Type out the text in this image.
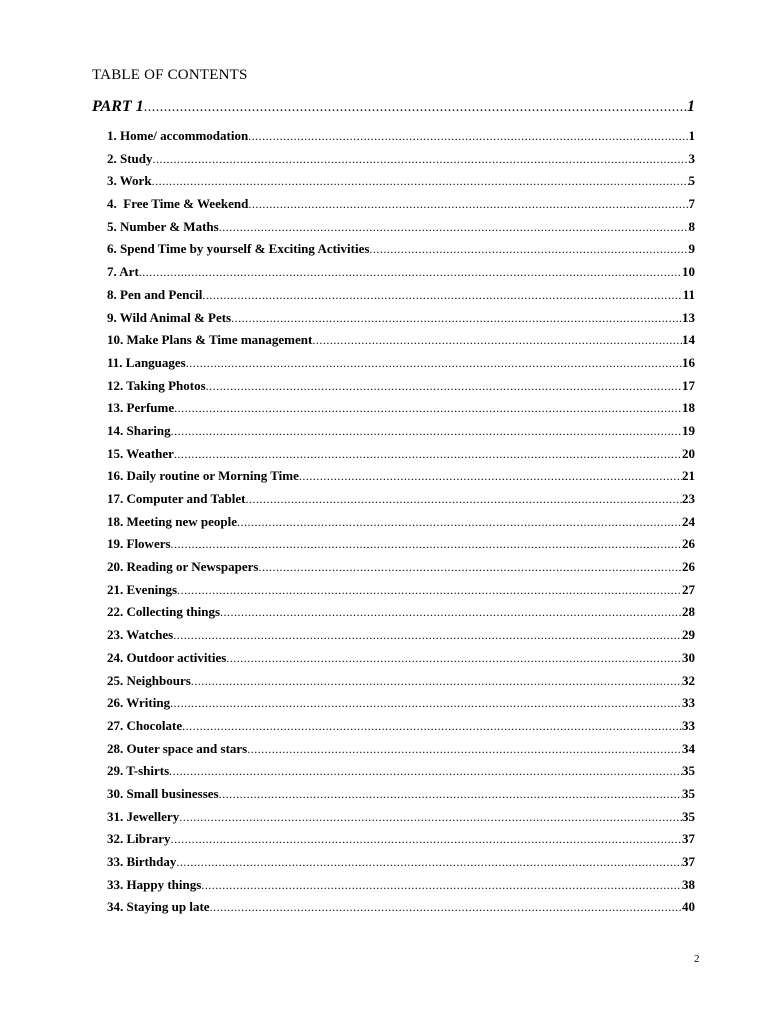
TABLE OF CONTENTS
PART 1 .....	1
1. Home/ accommodation .....	1
2. Study .....	3
3. Work .....	5
4.  Free Time & Weekend .....	7
5. Number & Maths .....	8
6. Spend Time by yourself & Exciting Activities .....	9
7. Art .....	10
8. Pen and Pencil .....	11
9. Wild Animal & Pets .....	13
10. Make Plans & Time management .....	14
11. Languages .....	16
12. Taking Photos .....	17
13. Perfume .....	18
14. Sharing .....	19
15. Weather .....	20
16. Daily routine or Morning Time .....	21
17. Computer and Tablet .....	23
18. Meeting new people .....	24
19. Flowers .....	26
20. Reading or Newspapers .....	26
21. Evenings .....	27
22. Collecting things .....	28
23. Watches .....	29
24. Outdoor activities .....	30
25. Neighbours .....	32
26. Writing .....	33
27. Chocolate .....	33
28. Outer space and stars .....	34
29. T-shirts .....	35
30. Small businesses .....	35
31. Jewellery .....	35
32. Library .....	37
33. Birthday .....	37
33. Happy things .....	38
34. Staying up late .....	40
2
